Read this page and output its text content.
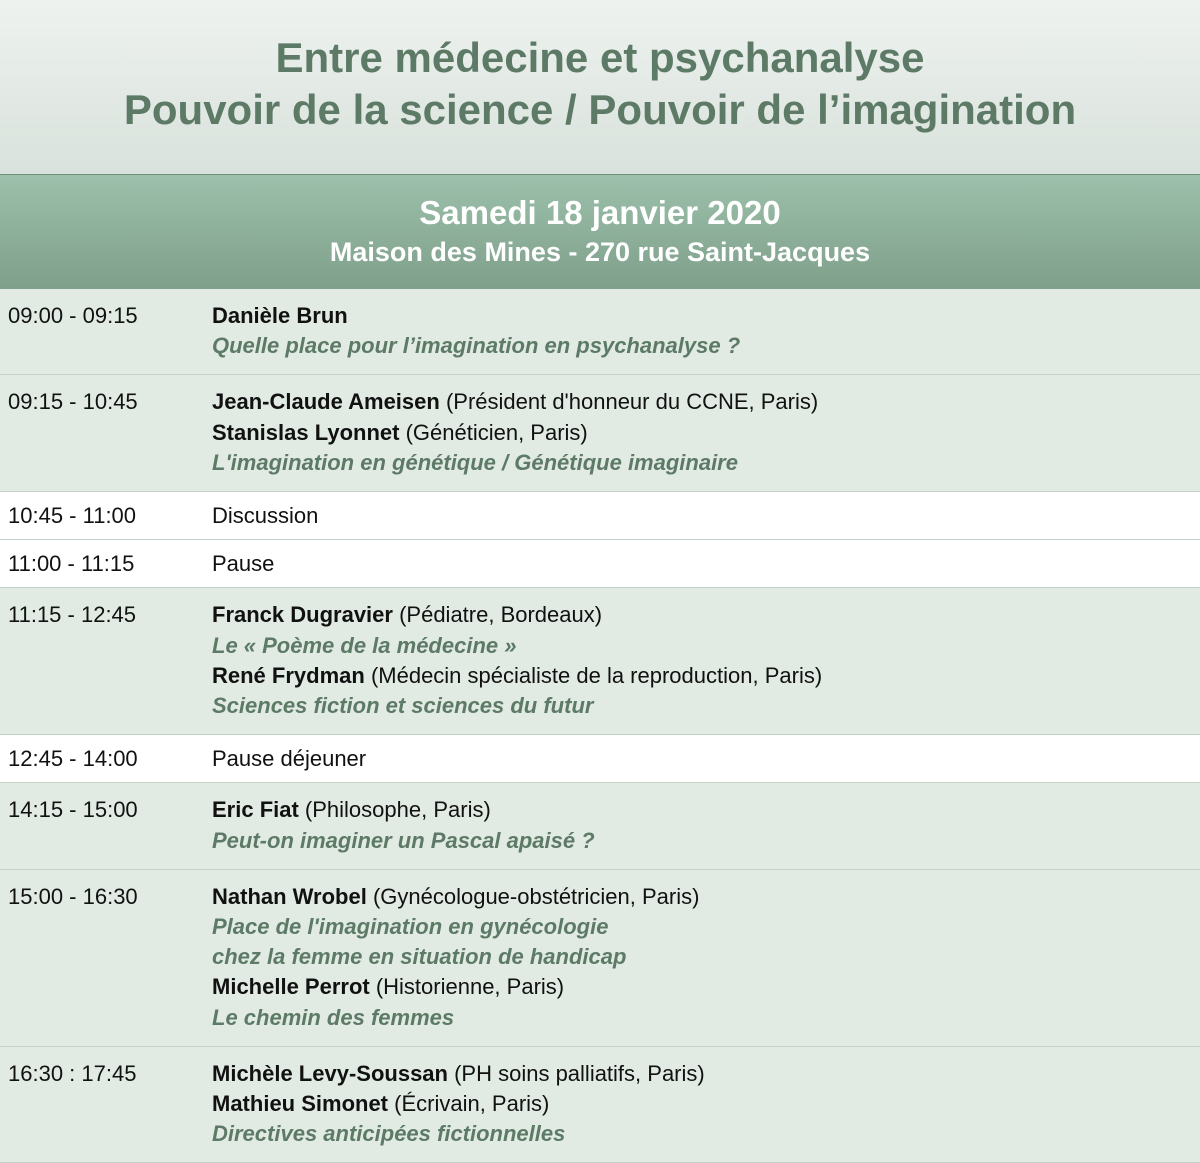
Entre médecine et psychanalyse
Pouvoir de la science / Pouvoir de l’imagination
Samedi 18 janvier 2020
Maison des Mines - 270 rue Saint-Jacques
09:00 - 09:15	Danièle Brun
Quelle place pour l’imagination en psychanalyse ?
09:15 - 10:45	Jean-Claude Ameisen (Président d'honneur du CCNE, Paris)
Stanislas Lyonnet (Généticien, Paris)
L'imagination en génétique / Génétique imaginaire
10:45 - 11:00	Discussion
11:00 - 11:15	Pause
11:15 - 12:45	Franck Dugravier (Pédiatre, Bordeaux)
Le « Poème de la médecine »
René Frydman (Médecin spécialiste de la reproduction, Paris)
Sciences fiction et sciences du futur
12:45 - 14:00	Pause déjeuner
14:15 - 15:00	Eric Fiat (Philosophe, Paris)
Peut-on imaginer un Pascal apaisé ?
15:00 - 16:30	Nathan Wrobel (Gynécologue-obstétricien, Paris)
Place de l'imagination en gynécologie
chez la femme en situation de handicap
Michelle Perrot (Historienne, Paris)
Le chemin des femmes
16:30 : 17:45	Michèle Levy-Soussan (PH soins palliatifs, Paris)
Mathieu Simonet (Écrivain, Paris)
Directives anticipées fictionnelles
